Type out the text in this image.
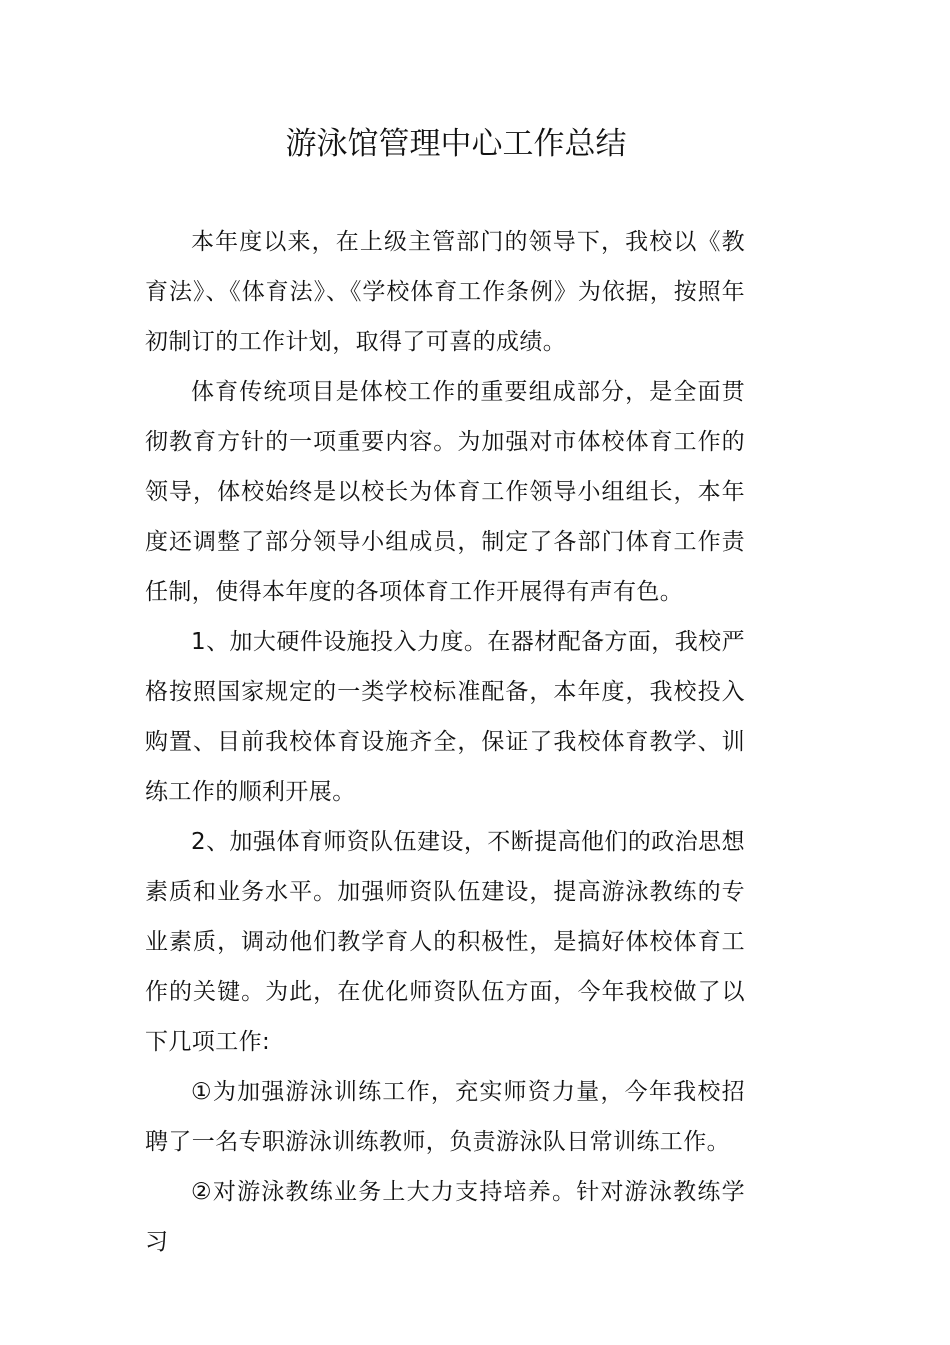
游泳馆管理中心工作总结

本年度以来，在上级主管部门的领导下，我校以《教育法》、《体育法》、《学校体育工作条例》为依据，按照年初制订的工作计划，取得了可喜的成绩。

体育传统项目是体校工作的重要组成部分，是全面贯彻教育方针的一项重要内容。为加强对市体校体育工作的领导，体校始终是以校长为体育工作领导小组组长，本年度还调整了部分领导小组成员，制定了各部门体育工作责任制，使得本年度的各项体育工作开展得有声有色。

1、加大硬件设施投入力度。在器材配备方面，我校严格按照国家规定的一类学校标准配备，本年度，我校投入购置、目前我校体育设施齐全，保证了我校体育教学、训练工作的顺利开展。

2、加强体育师资队伍建设，不断提高他们的政治思想素质和业务水平。加强师资队伍建设，提高游泳教练的专业素质，调动他们教学育人的积极性，是搞好体校体育工作的关键。为此，在优化师资队伍方面，今年我校做了以下几项工作:

①为加强游泳训练工作，充实师资力量，今年我校招聘了一名专职游泳训练教师，负责游泳队日常训练工作。

②对游泳教练业务上大力支持培养。针对游泳教练学习
